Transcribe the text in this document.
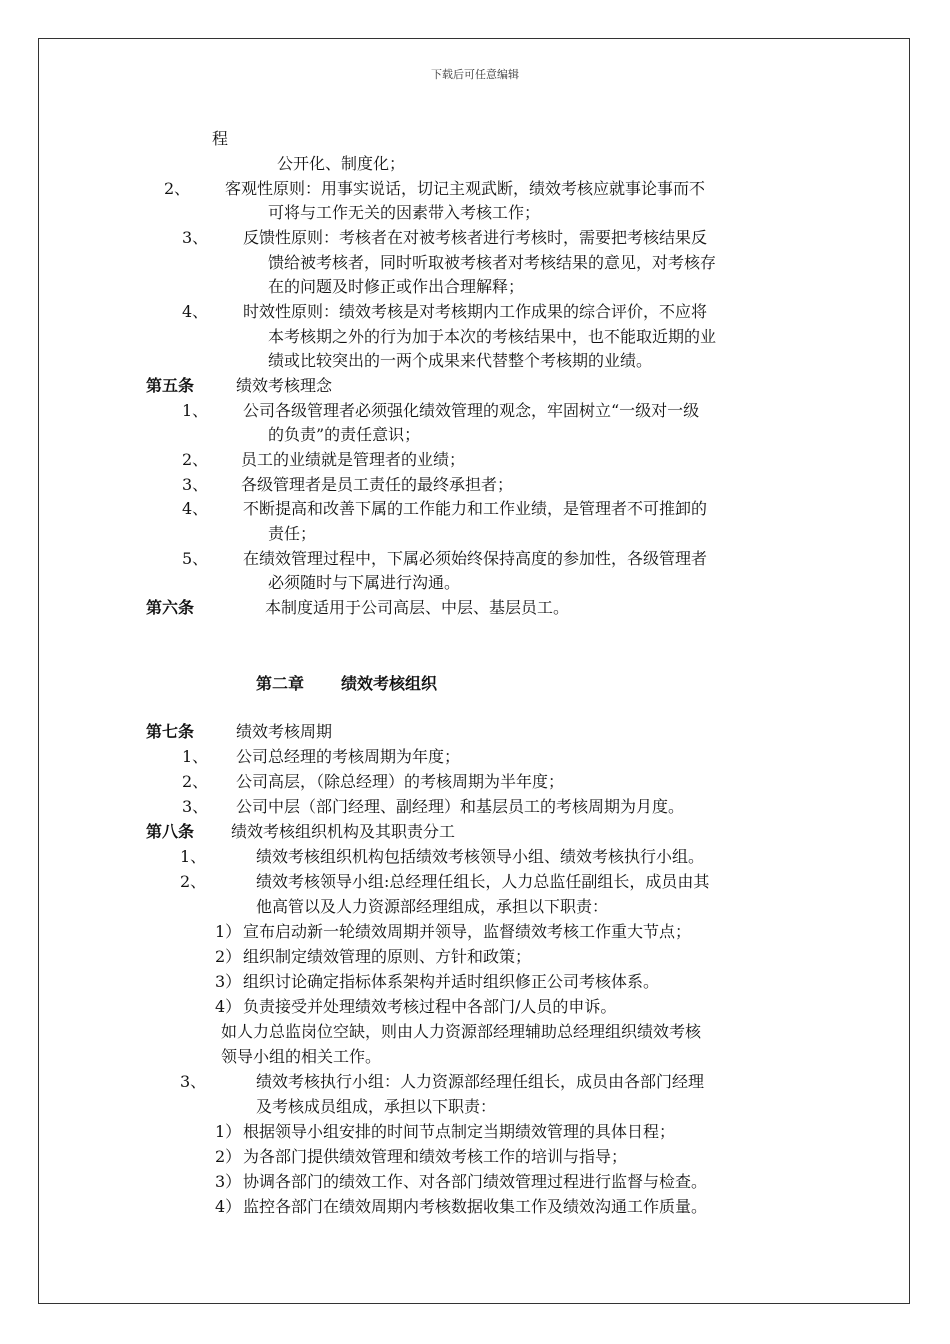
下载后可任意编辑
程
公开化、制度化；
2、 客观性原则：用事实说话，切记主观武断，绩效考核应就事论事而不
可将与工作无关的因素带入考核工作；
3、 反馈性原则：考核者在对被考核者进行考核时，需要把考核结果反
馈给被考核者，同时听取被考核者对考核结果的意见，对考核存
在的问题及时修正或作出合理解释；
4、 时效性原则：绩效考核是对考核期内工作成果的综合评价，不应将
本考核期之外的行为加于本次的考核结果中，也不能取近期的业
绩或比较突出的一两个成果来代替整个考核期的业绩。
第五条	绩效考核理念
1、 公司各级管理者必须强化绩效管理的观念，牢固树立“一级对一级
的负责”的责任意识；
2、 员工的业绩就是管理者的业绩；
3、 各级管理者是员工责任的最终承担者；
4、 不断提高和改善下属的工作能力和工作业绩，是管理者不可推卸的
责任；
5、 在绩效管理过程中，下属必须始终保持高度的参加性，各级管理者
必须随时与下属进行沟通。
第六条	本制度适用于公司高层、中层、基层员工。
第二章 绩效考核组织
第七条	绩效考核周期
1、 公司总经理的考核周期为年度；
2、 公司高层，（除总经理）的考核周期为半年度；
3、 公司中层（部门经理、副经理）和基层员工的考核周期为月度。
第八条 绩效考核组织机构及其职责分工
1、	绩效考核组织机构包括绩效考核领导小组、绩效考核执行小组。
2、	绩效考核领导小组:总经理任组长，人力总监任副组长，成员由其
他高管以及人力资源部经理组成，承担以下职责：
1） 宣布启动新一轮绩效周期并领导，监督绩效考核工作重大节点；
2） 组织制定绩效管理的原则、方针和政策；
3） 组织讨论确定指标体系架构并适时组织修正公司考核体系。
4） 负责接受并处理绩效考核过程中各部门/人员的申诉。
如人力总监岗位空缺，则由人力资源部经理辅助总经理组织绩效考核
领导小组的相关工作。
3、	绩效考核执行小组：人力资源部经理任组长，成员由各部门经理
及考核成员组成，承担以下职责：
1） 根据领导小组安排的时间节点制定当期绩效管理的具体日程；
2） 为各部门提供绩效管理和绩效考核工作的培训与指导；
3） 协调各部门的绩效工作、对各部门绩效管理过程进行监督与检查。
4） 监控各部门在绩效周期内考核数据收集工作及绩效沟通工作质量。
